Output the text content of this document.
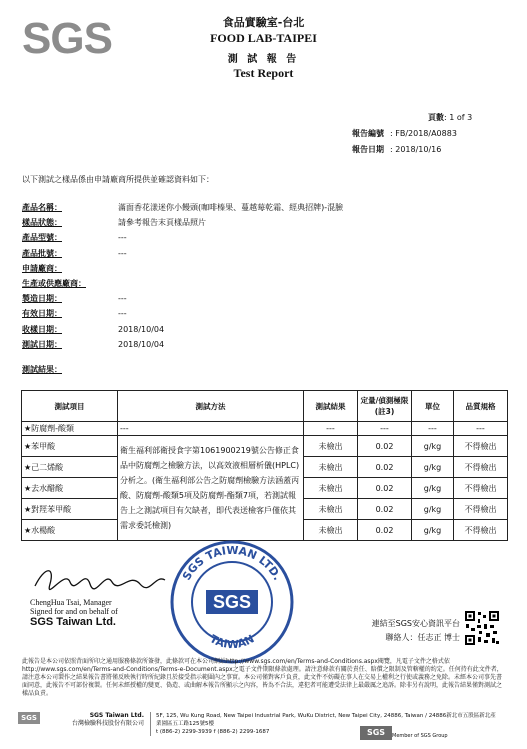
SGS	食品實驗室-台北
FOOD LAB-TAIPEI
測 試 報 告
Test Report
頁數: 1 of 3
報告編號 : FB/2018/A0883
報告日期 : 2018/10/16
以下測試之樣品係由申請廠商所提供並確認資料如下：
產品名稱：	滿面香花漾迷你小饅頭(咖啡榛果、蔓越莓乾霜、經典招牌)-混臉
樣品狀態：	請參考報告末頁樣品照片
產品型號：	---
產品批號：	---
申請廠商：
生產或供應廠商：
製造日期：	---
有效日期：	---
收樣日期：	2018/10/04
測試日期：	2018/10/04
測試結果：
測試項目	測試方法	測試結果	定量/偵測極限(註3)	單位	品質規格
★防腐劑-酸類	---	---	---	---	---
★苯甲酸	衛生福利部衛授食字第1061900219號公告修正食品中防腐劑之檢驗方法，以高效液相層析儀(HPLC)分析之。(衛生福利部公告之防腐劑檢驗方法涵蓋丙酸、防腐劑-酸類5項及防腐劑-酯類7項，若測試報告上之測試項目有欠缺者，即代表送檢客戶僅依其需求委託檢測)	未檢出	0.02	g/kg	不得檢出
★己二烯酸		未檢出	0.02	g/kg	不得檢出
★去水醋酸		未檢出	0.02	g/kg	不得檢出
★對羥苯甲酸		未檢出	0.02	g/kg	不得檢出
★水楊酸		未檢出	0.02	g/kg	不得檢出
ChengHua Tsai, Manager
Signed for and on behalf of
SGS Taiwan Ltd.
SGS TAIWAN LTD.
TAIWAN
SGS
連結至SGS安心資訊平台
聯絡人：任志正 博士
此報告是本公司依照背面所印之通用服務條款所簽發，此條款可在本公司網站http://www.sgs.com/en/Terms-and-Conditions.aspx閱覽，凡電子文件之格式依http://www.sgs.com/en/Terms-and-Conditions/Terms-e-Document.aspx之電子文件期限條款處理。請注意條款有關於責任、賠償之限制及管轄權的約定。任何持有此文件者，請注意本公司製作之結果報告書將僅反映執行時所紀錄且於接受指示範圍內之事實。本公司僅對客戶負責，此文件不妨礙在事人在交易上權利之行使或義務之免除。未經本公司事先書面同意，此報告不可部份複製。任何未經授權的變更、偽造、或曲解本報告所顯示之內容，皆為不合法，違犯者可能遭受法律上最嚴厲之追訴。除非另有說明，此報告結果僅對測試之樣品負責。
SGS	SGS Taiwan Ltd.
台灣檢驗科技股份有限公司
5F, 125, Wu Kung Road, New Taipei Industrial Park, WuKu District, New Taipei City, 24886, Taiwan / 24886新北市五股區新北產業園區五工路125號5樓
t (886-2) 2299-3939 f (886-2) 2299-1687	SGS	Member of SGS Group
